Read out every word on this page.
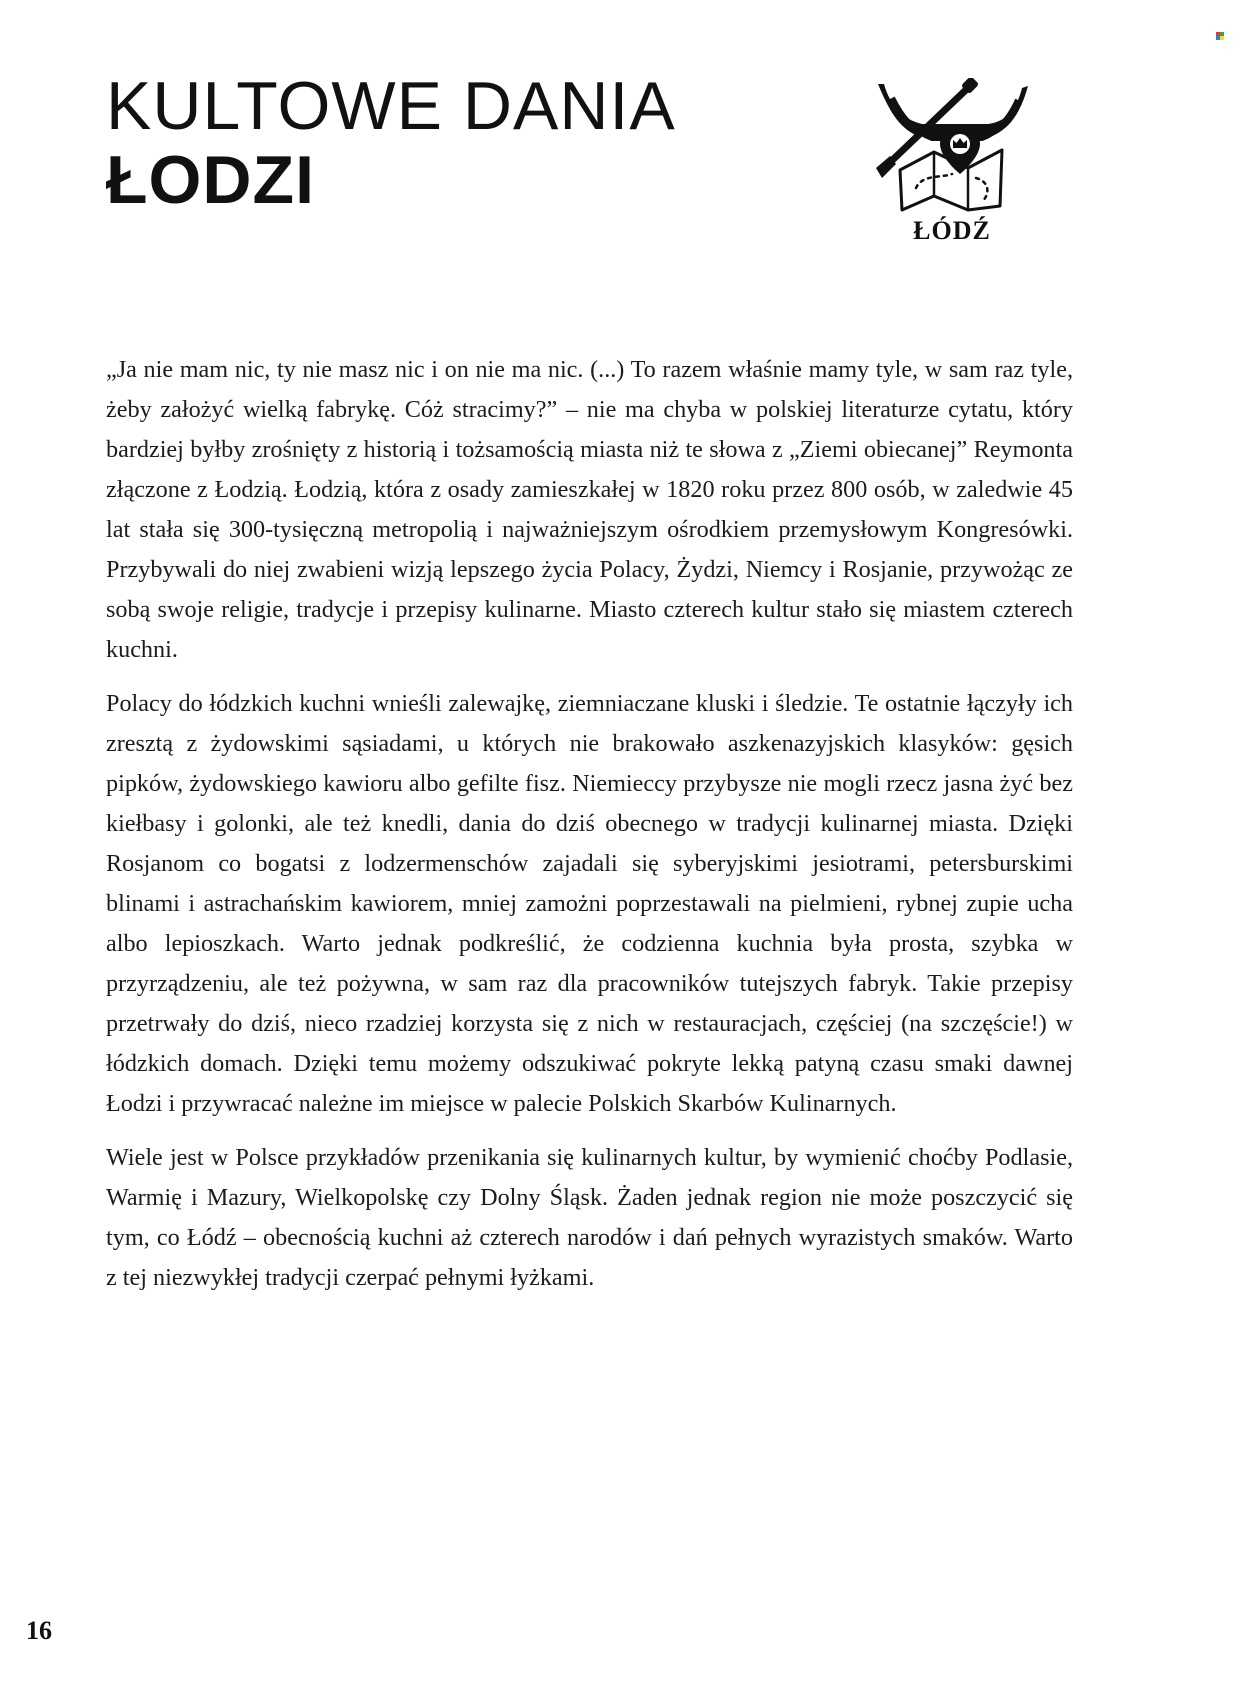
KULTOWE DANIA
ŁODZI
ŁÓDŹ

„Ja nie mam nic, ty nie masz nic i on nie ma nic. (...) To razem właśnie mamy tyle, w sam raz tyle, żeby założyć wielką fabrykę. Cóż stracimy?” – nie ma chyba w polskiej literaturze cytatu, który bardziej byłby zrośnięty z historią i tożsamością miasta niż te słowa z „Ziemi obiecanej” Reymonta złączone z Łodzią. Łodzią, która z osady zamieszkałej w 1820 roku przez 800 osób, w zaledwie 45 lat stała się 300-tysięczną metropolią i najważniejszym ośrodkiem przemysłowym Kongresówki. Przybywali do niej zwabieni wizją lepszego życia Polacy, Żydzi, Niemcy i Rosjanie, przywożąc ze sobą swoje religie, tradycje i przepisy kulinarne. Miasto czterech kultur stało się miastem czterech kuchni.

Polacy do łódzkich kuchni wnieśli zalewajkę, ziemniaczane kluski i śledzie. Te ostatnie łączyły ich zresztą z żydowskimi sąsiadami, u których nie brakowało aszkenazyjskich klasyków: gęsich pipków, żydowskiego kawioru albo gefilte fisz. Niemieccy przybysze nie mogli rzecz jasna żyć bez kiełbasy i golonki, ale też knedli, dania do dziś obecnego w tradycji kulinarnej miasta. Dzięki Rosjanom co bogatsi z lodzermenschów zajadali się syberyjskimi jesiotrami, petersburskimi blinami i astrachańskim kawiorem, mniej zamożni poprzestawali na pielmieni, rybnej zupie ucha albo lepioszkach. Warto jednak podkreślić, że codzienna kuchnia była prosta, szybka w przyrządzeniu, ale też pożywna, w sam raz dla pracowników tutejszych fabryk. Takie przepisy przetrwały do dziś, nieco rzadziej korzysta się z nich w restauracjach, częściej (na szczęście!) w łódzkich domach. Dzięki temu możemy odszukiwać pokryte lekką patyną czasu smaki dawnej Łodzi i przywracać należne im miejsce w palecie Polskich Skarbów Kulinarnych.

Wiele jest w Polsce przykładów przenikania się kulinarnych kultur, by wymienić choćby Podlasie, Warmię i Mazury, Wielkopolskę czy Dolny Śląsk. Żaden jednak region nie może poszczycić się tym, co Łódź – obecnością kuchni aż czterech narodów i dań pełnych wyrazistych smaków. Warto z tej niezwykłej tradycji czerpać pełnymi łyżkami.

16
